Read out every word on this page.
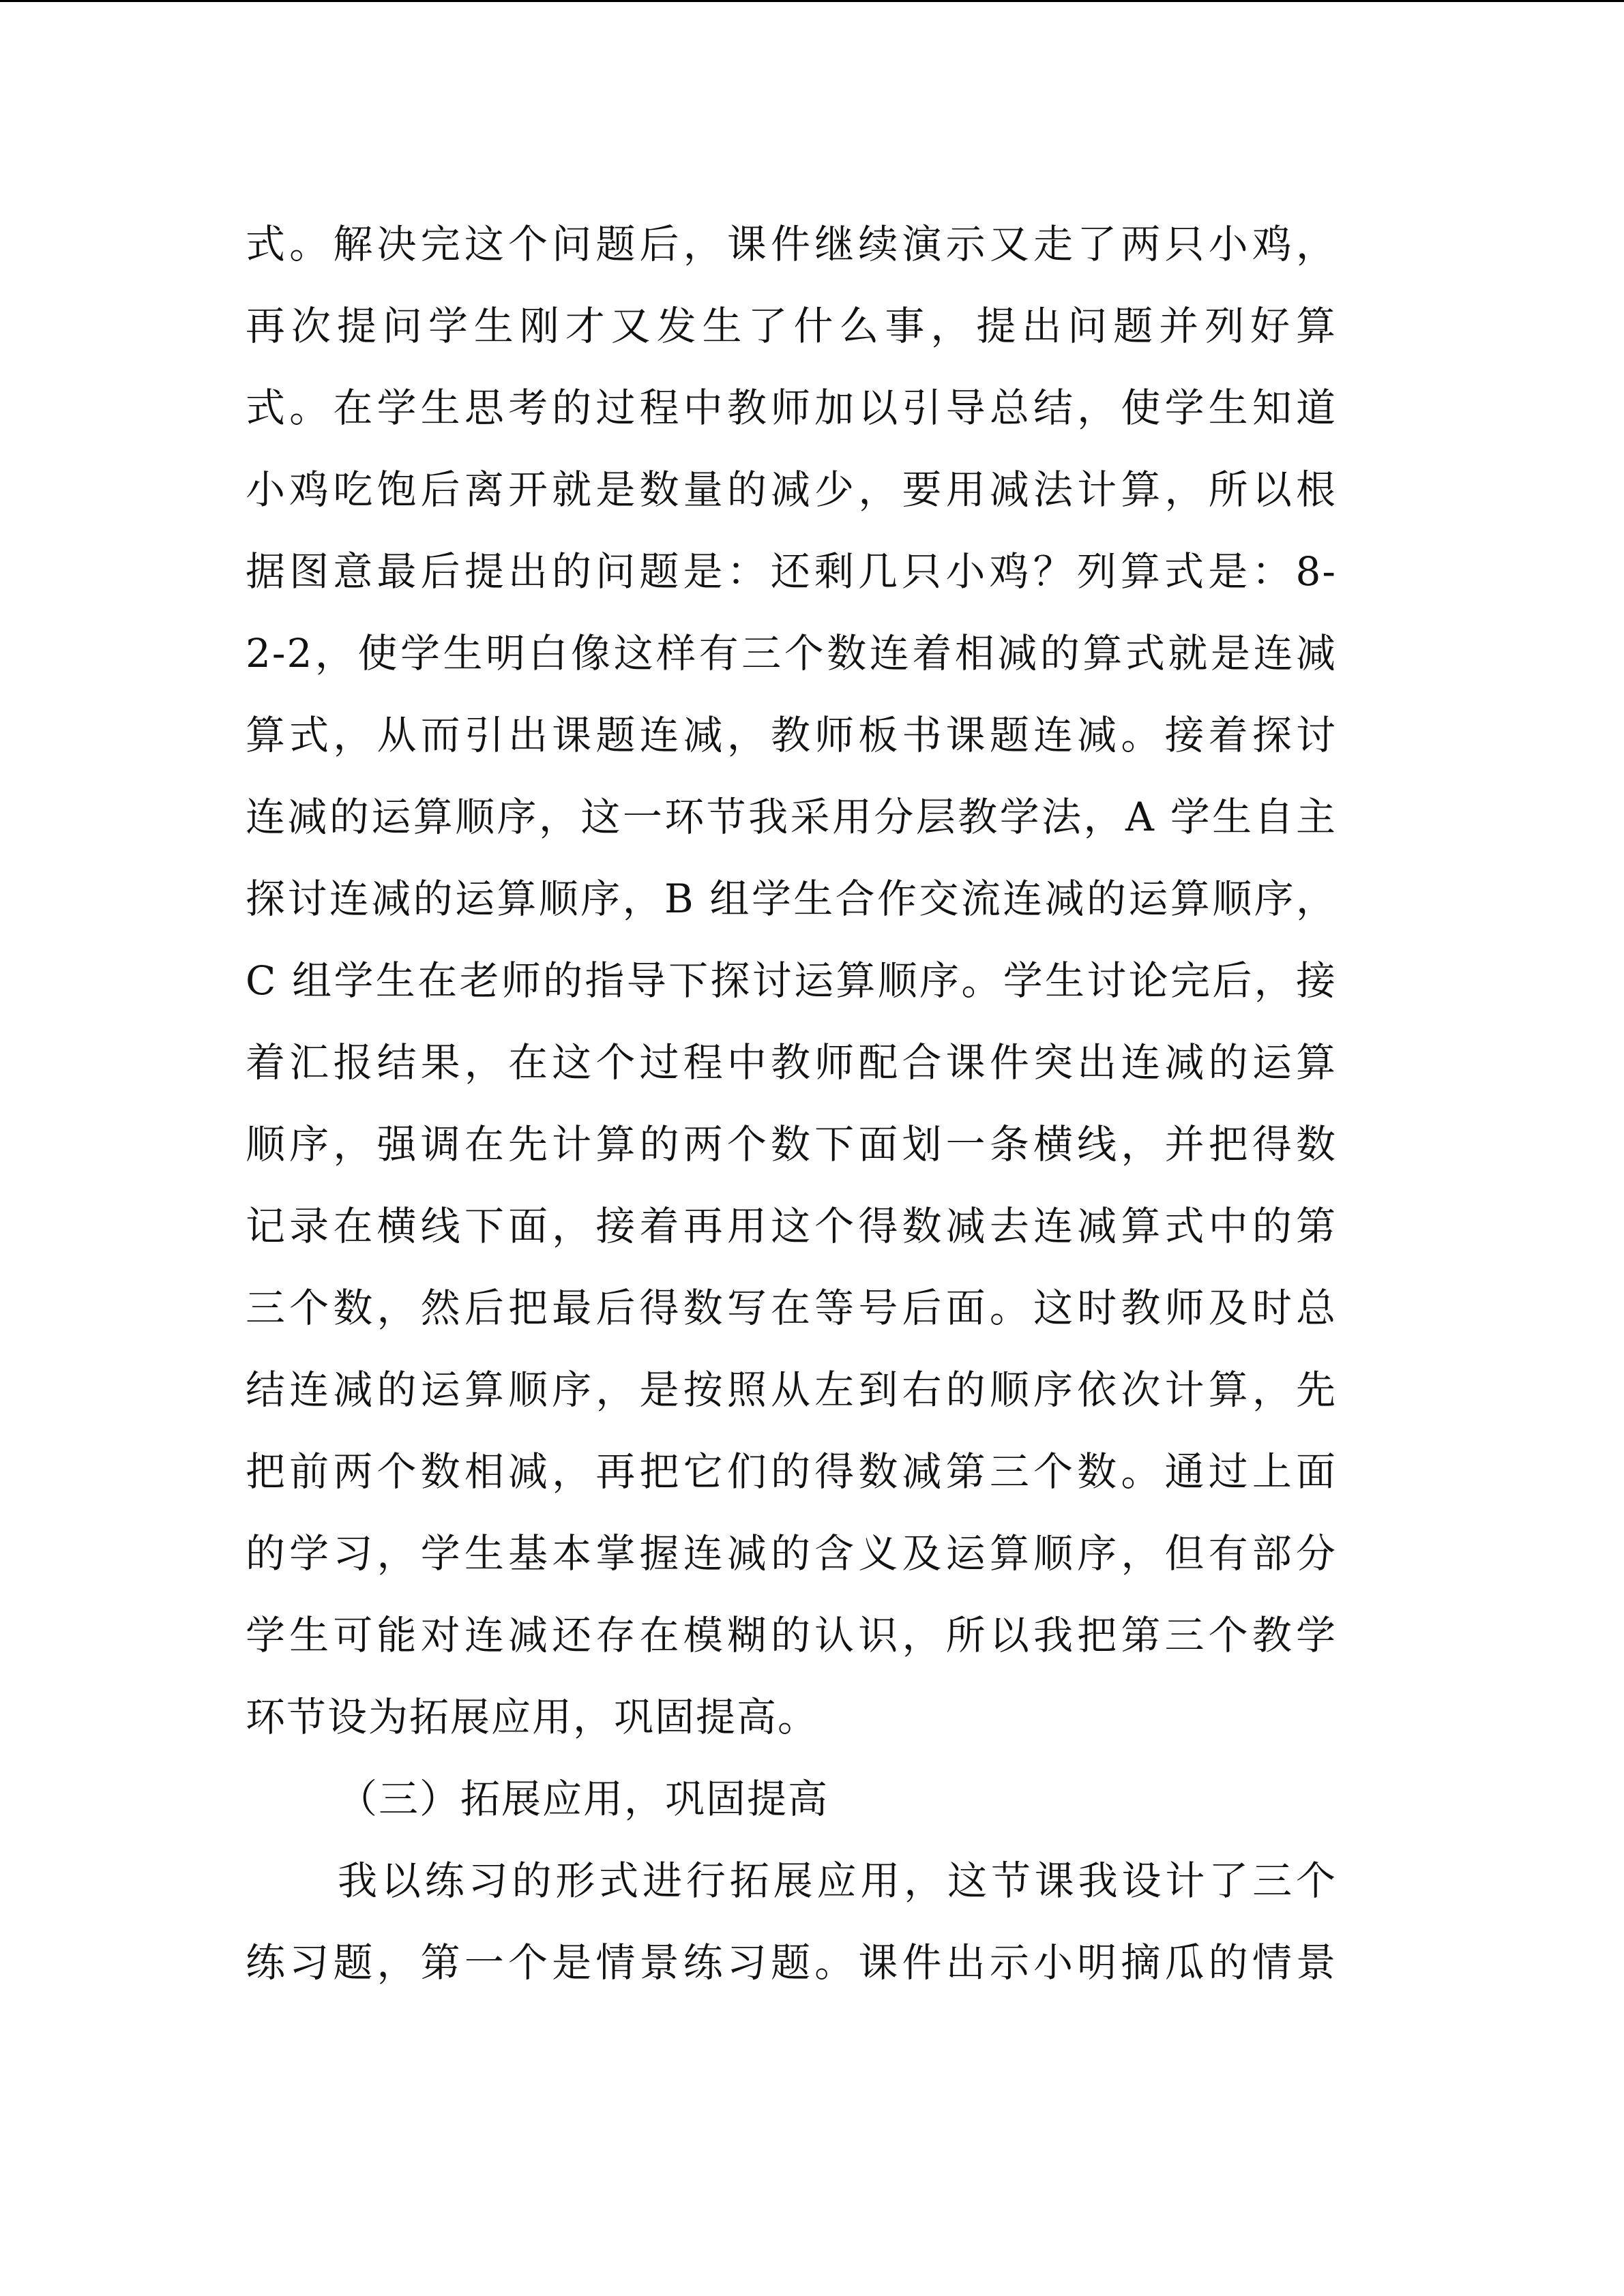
式。解决完这个问题后，课件继续演示又走了两只小鸡，
再次提问学生刚才又发生了什么事，提出问题并列好算
式。在学生思考的过程中教师加以引导总结，使学生知道
小鸡吃饱后离开就是数量的减少，要用减法计算，所以根
据图意最后提出的问题是：还剩几只小鸡？列算式是：8-
2-2，使学生明白像这样有三个数连着相减的算式就是连减
算式，从而引出课题连减，教师板书课题连减。接着探讨
连减的运算顺序，这一环节我采用分层教学法，A 学生自主
探讨连减的运算顺序，B 组学生合作交流连减的运算顺序，
C 组学生在老师的指导下探讨运算顺序。学生讨论完后，接
着汇报结果，在这个过程中教师配合课件突出连减的运算
顺序，强调在先计算的两个数下面划一条横线，并把得数
记录在横线下面，接着再用这个得数减去连减算式中的第
三个数，然后把最后得数写在等号后面。这时教师及时总
结连减的运算顺序，是按照从左到右的顺序依次计算，先
把前两个数相减，再把它们的得数减第三个数。通过上面
的学习，学生基本掌握连减的含义及运算顺序，但有部分
学生可能对连减还存在模糊的认识，所以我把第三个教学
环节设为拓展应用，巩固提高。
（三）拓展应用，巩固提高
我以练习的形式进行拓展应用，这节课我设计了三个
练习题，第一个是情景练习题。课件出示小明摘瓜的情景
